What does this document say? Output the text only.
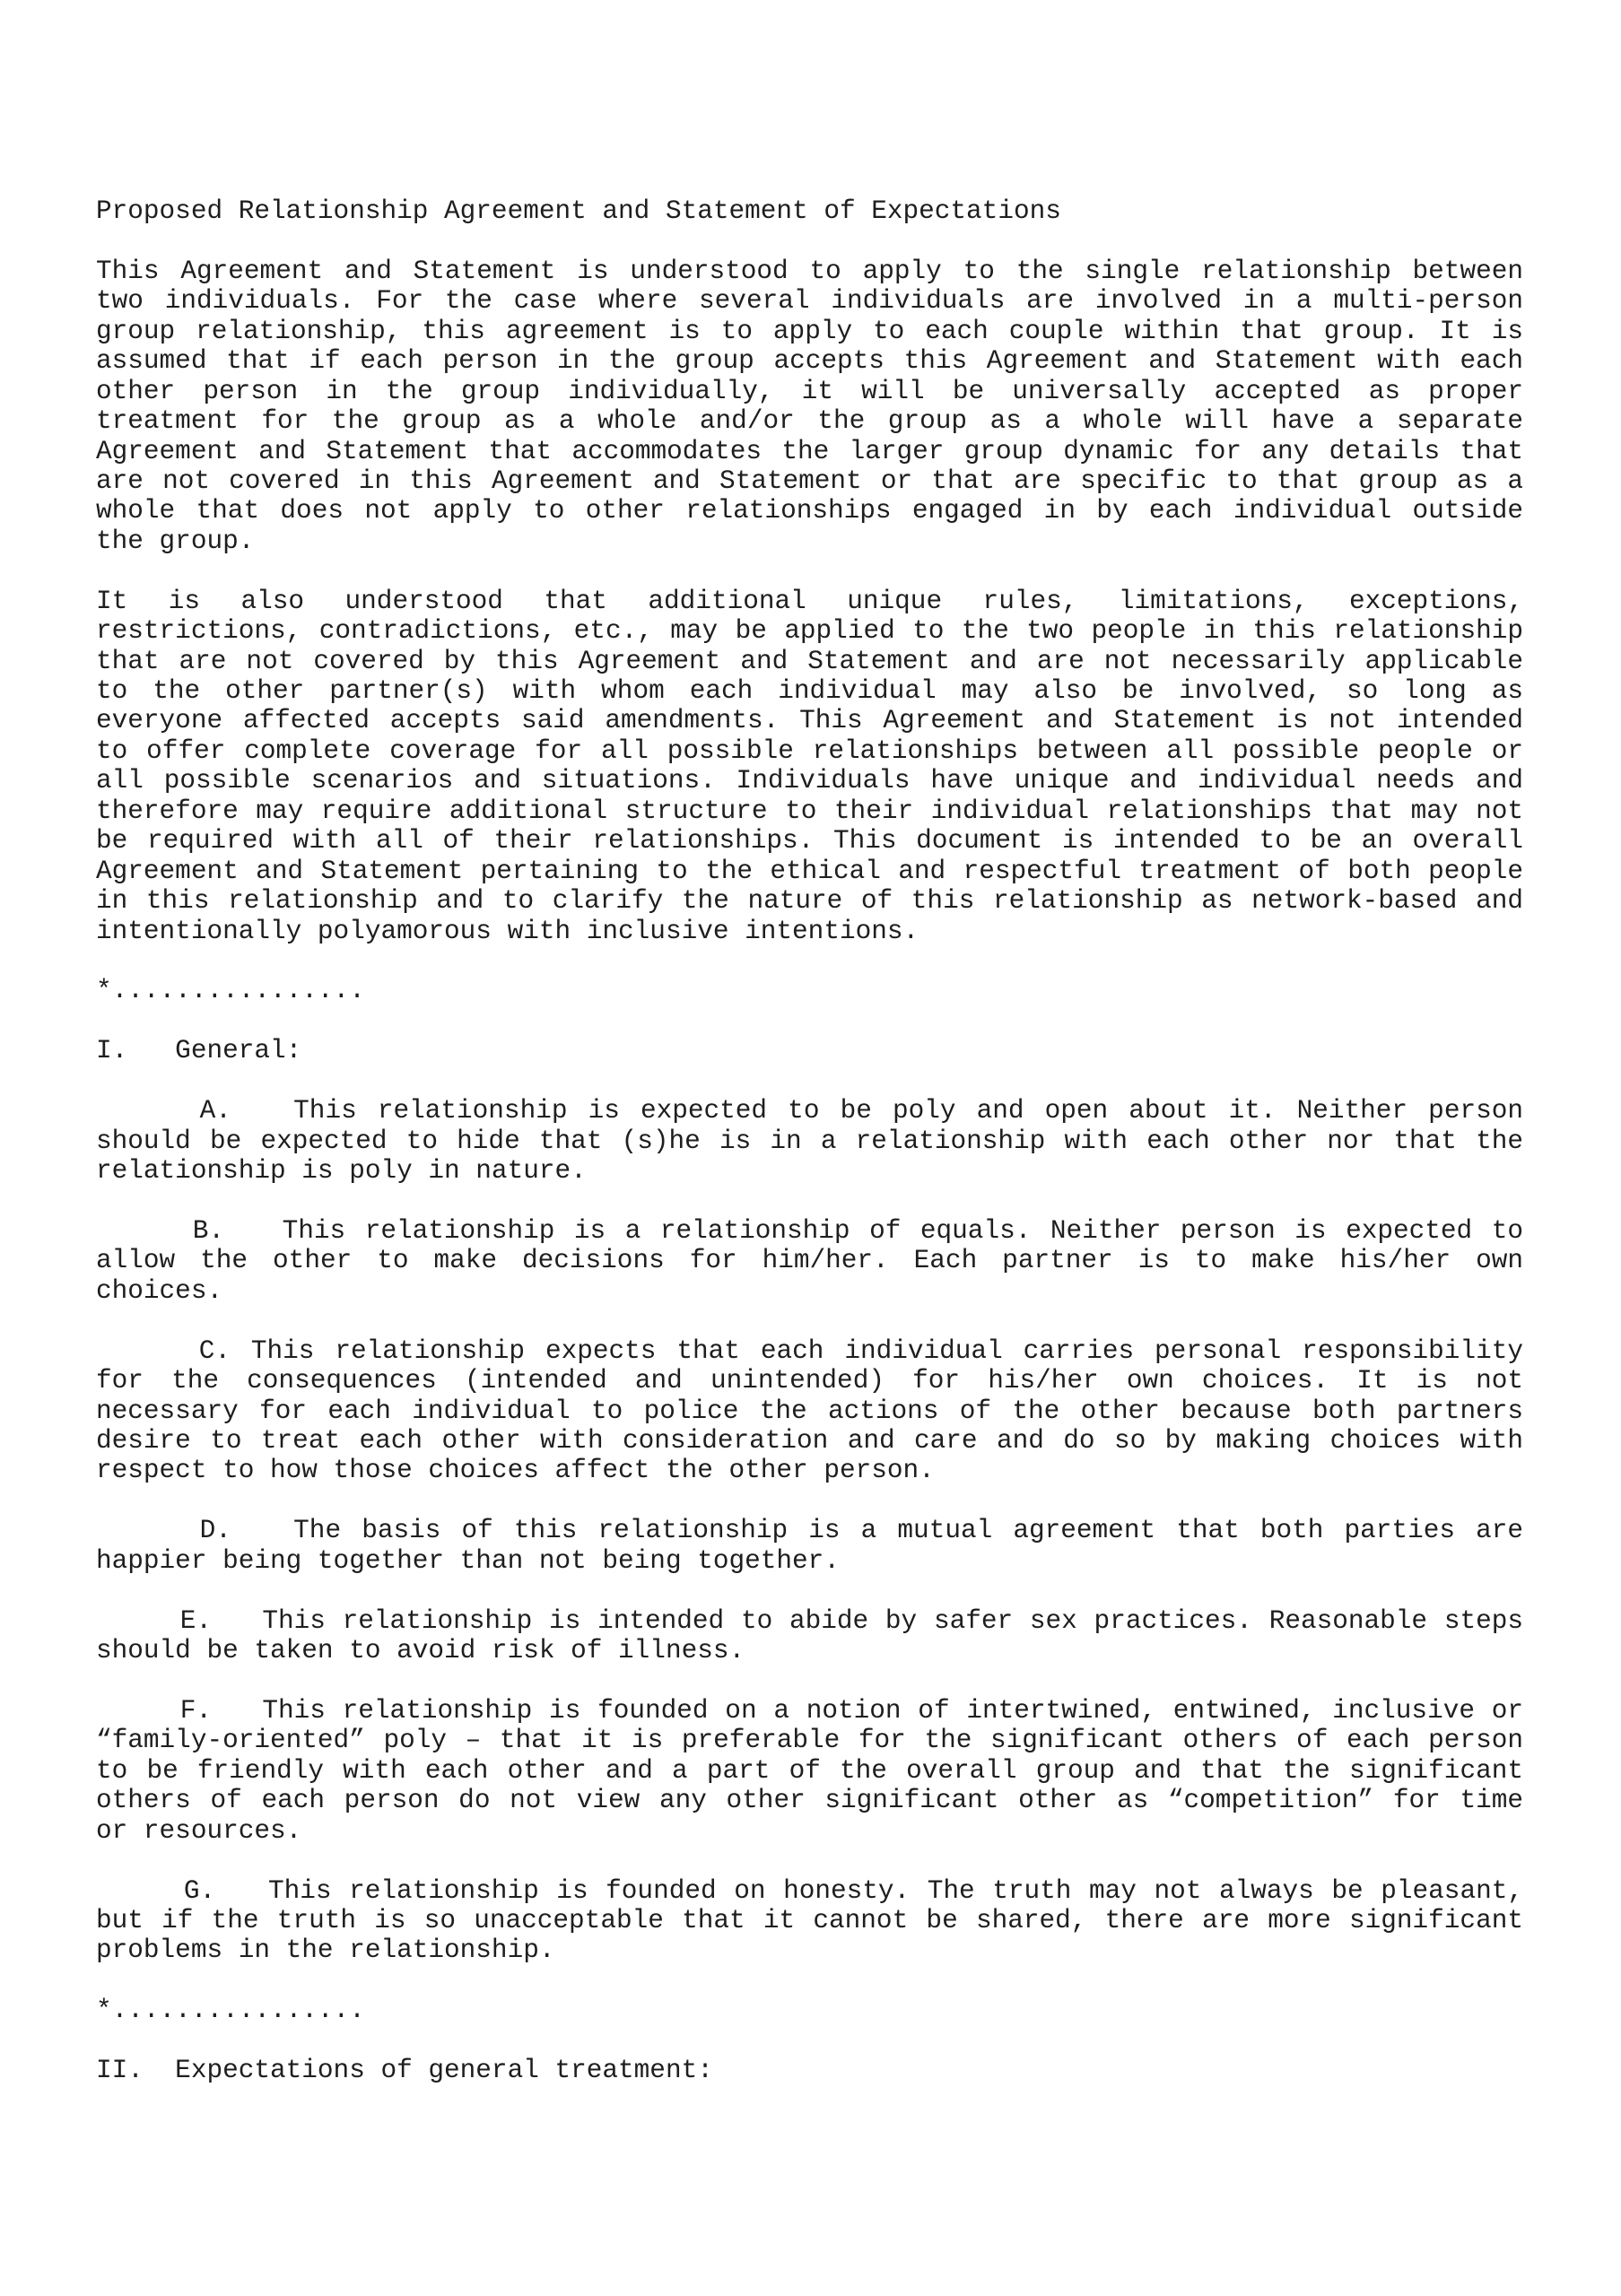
Proposed Relationship Agreement and Statement of Expectations
This Agreement and Statement is understood to apply to the single relationship between
two individuals. For the case where several individuals are involved in a multi-person
group relationship, this agreement is to apply to each couple within that group. It is
assumed that if each person in the group accepts this Agreement and Statement with each
other person in the group individually, it will be universally accepted as proper
treatment for the group as a whole and/or the group as a whole will have a separate
Agreement and Statement that accommodates the larger group dynamic for any details that
are not covered in this Agreement and Statement or that are specific to that group as a
whole that does not apply to other relationships engaged in by each individual outside
the group.
It is also understood that additional unique rules, limitations, exceptions,
restrictions, contradictions, etc., may be applied to the two people in this relationship
that are not covered by this Agreement and Statement and are not necessarily applicable
to the other partner(s) with whom each individual may also be involved, so long as
everyone affected accepts said amendments. This Agreement and Statement is not intended
to offer complete coverage for all possible relationships between all possible people or
all possible scenarios and situations. Individuals have unique and individual needs and
therefore may require additional structure to their individual relationships that may not
be required with all of their relationships. This document is intended to be an overall
Agreement and Statement pertaining to the ethical and respectful treatment of both people
in this relationship and to clarify the nature of this relationship as network-based and
intentionally polyamorous with inclusive intentions.
*................
I.   General:
A.   This relationship is expected to be poly and open about it. Neither person
should be expected to hide that (s)he is in a relationship with each other nor that the
relationship is poly in nature.
B.   This relationship is a relationship of equals. Neither person is expected to
allow the other to make decisions for him/her. Each partner is to make his/her own
choices.
C. This relationship expects that each individual carries personal responsibility
for the consequences (intended and unintended) for his/her own choices. It is not
necessary for each individual to police the actions of the other because both partners
desire to treat each other with consideration and care and do so by making choices with
respect to how those choices affect the other person.
D.   The basis of this relationship is a mutual agreement that both parties are
happier being together than not being together.
E.   This relationship is intended to abide by safer sex practices. Reasonable steps
should be taken to avoid risk of illness.
F.   This relationship is founded on a notion of intertwined, entwined, inclusive or
“family-oriented” poly – that it is preferable for the significant others of each person
to be friendly with each other and a part of the overall group and that the significant
others of each person do not view any other significant other as “competition” for time
or resources.
G.   This relationship is founded on honesty. The truth may not always be pleasant,
but if the truth is so unacceptable that it cannot be shared, there are more significant
problems in the relationship.
*................
II.  Expectations of general treatment:
